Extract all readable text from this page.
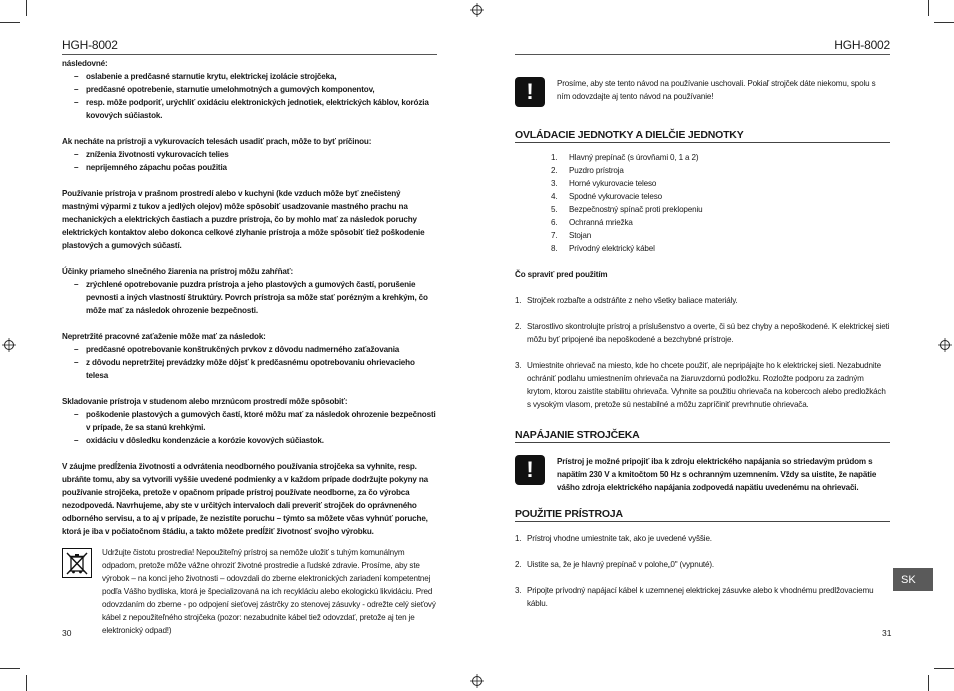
HGH-8002

následovné:

– oslabenie a predčasné starnutie krytu, elektrickej izolácie strojčeka,
– predčasné opotrebenie, starnutie umelohmotných a gumových komponentov,
– resp. môže podporiť, urýchliť oxidáciu elektronických jednotiek, elektrických káblov, korózia kovových súčiastok.

Ak necháte na prístroji a vykurovacích telesách usadiť prach, môže to byť príčinou:

– zníženia životnosti vykurovacích telies
– neprijemného zápachu počas použitia

Používanie prístroja v prašnom prostredí alebo v kuchyni (kde vzduch môže byť znečistený mastnými výparmi z tukov a jedlých olejov) môže spôsobiť usadzovanie mastného prachu na mechanických a elektrických častiach a puzdre prístroja, čo by mohlo mať za následok poruchy elektrických kontaktov alebo dokonca celkové zlyhanie prístroja a môže spôsobiť tiež poškodenie plastových a gumových súčastí.

Účinky priameho slnečného žiarenia na prístroj môžu zahŕňať:

– zrýchlené opotrebovanie puzdra prístroja a jeho plastových a gumových častí, porušenie pevnosti a iných vlastností štruktúry. Povrch prístroja sa môže stať porézným a krehkým, čo môže mať za následok ohrozenie bezpečnosti.

Nepretržité pracovné zaťaženie môže mať za následok:

– predčasné opotrebovanie konštrukčných prvkov z dôvodu nadmerného zaťažovania
– z dôvodu nepretržitej prevádzky môže dôjsť k predčasnému opotrebovaniu ohrievacieho telesa

Skladovanie prístroja v studenom alebo mrznúcom prostredí môže spôsobiť:

– poškodenie plastových a gumových častí, ktoré môžu mať za následok ohrozenie bezpečnosti v prípade, že sa stanú krehkými.
– oxidáciu v dôsledku kondenzácie a korózie kovových súčiastok.

V záujme predĺženia životnosti a odvrátenia neodborného používania strojčeka sa vyhnite, resp. ubráňte tomu, aby sa vytvorili vyššie uvedené podmienky a v každom prípade dodržujte pokyny na používanie strojčeka, pretože v opačnom prípade prístroj používate neodborne, za čo výrobca nezodpovedá. Navrhujeme, aby ste v určitých intervaloch dali preveriť strojček do oprávneného odborného servisu, a to aj v prípade, že nezistíte poruchu – týmto sa môžete včas vyhnúť poruche, ktorá je iba v počiatočnom štádiu, a takto môžete predĺžiť životnosť svojho výrobku.

Udržujte čistotu prostredia! Nepoužiteľný prístroj sa nemôže uložiť s tuhým komunálnym odpadom, pretože môže vážne ohroziť životné prostredie a ľudské zdravie. Prosíme, aby ste výrobok – na konci jeho životnosti – odovzdali do zberne elektronických zariadení kompetentnej podľa Vášho bydliska, ktorá je špecializovaná na ich recykláciu alebo ekologickú likvidáciu. Pred odovzdaním do zberne - po odpojení sieťovej zástrčky zo stenovej zásuvky - odrežte celý sieťový kábel z nepoužiteľného strojčeka (pozor: nezabudnite kábel tiež odovzdať, pretože aj ten je elektronický odpad!)

30
HGH-8002
!	Prosíme, aby ste tento návod na používanie uschovali. Pokiaľ strojček dáte niekomu, spolu s ním odovzdajte aj tento návod na používanie!

OVLÁDACIE JEDNOTKY A DIELČIE JEDNOTKY

1. Hlavný prepínač (s úrovňami 0, 1 a 2)
2. Puzdro prístroja
3. Horné vykurovacie teleso
4. Spodné vykurovacie teleso
5. Bezpečnostný spínač proti preklopeniu
6. Ochranná mriežka
7. Stojan
8. Prívodný elektrický kábel

Čo spraviť pred použitím

1. Strojček rozbaľte a odstráňte z neho všetky baliace materiály.
2. Starostlivo skontrolujte prístroj a príslušenstvo a overte, či sú bez chyby a nepoškodené. K elektrickej sieti môžu byť pripojené iba nepoškodené a bezchybné prístroje.
3. Umiestnite ohrievač na miesto, kde ho chcete použiť, ale nepripájajte ho k elektrickej sieti. Nezabudnite ochrániť podlahu umiestnením ohrievača na žiaruvzdornú podložku. Rozložte podporu za zadným krytom, ktorou zaistíte stabilitu ohrievača. Vyhnite sa použitiu ohrievača na kobercoch alebo predložkách s vysokým vlasom, pretože sú nestabilné a môžu zapríčiniť prevrhnutie ohrievača.

NAPÁJANIE STROJČEKA

!	Prístroj je možné pripojiť iba k zdroju elektrického napájania so striedavým prúdom s napätím 230 V a kmitočtom 50 Hz s ochranným uzemnením. Vždy sa uistite, že napätie vášho zdroja elektrického napájania zodpovedá napätiu uvedenému na ohrievači.

POUŽITIE PRÍSTROJA

1. Prístroj vhodne umiestnite tak, ako je uvedené vyššie.
2. Uistite sa, že je hlavný prepínač v polohe„0" (vypnuté).
3. Pripojte prívodný napájací kábel k uzemnenej elektrickej zásuvke alebo k vhodnému predlžovaciemu káblu.
31
SK
